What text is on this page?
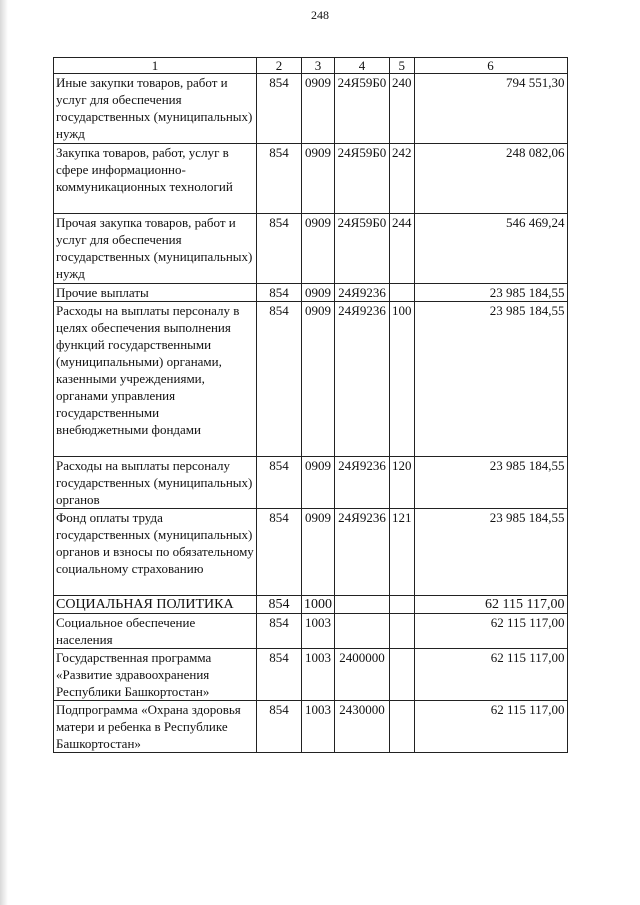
248
1	2	3	4	5	6
Иные закупки товаров, работ и услуг для обеспечения государственных (муниципальных) нужд	854	0909	24Я59Б0	240	794 551,30
Закупка товаров, работ, услуг в сфере информационно-коммуникационных технологий	854	0909	24Я59Б0	242	248 082,06
Прочая закупка товаров, работ и услуг для обеспечения государственных (муниципальных) нужд	854	0909	24Я59Б0	244	546 469,24
Прочие выплаты	854	0909	24Я9236		23 985 184,55
Расходы на выплаты персоналу в целях обеспечения выполнения функций государственными (муниципальными) органами, казенными учреждениями, органами управления государственными внебюджетными фондами	854	0909	24Я9236	100	23 985 184,55
Расходы на выплаты персоналу государственных (муниципальных) органов	854	0909	24Я9236	120	23 985 184,55
Фонд оплаты труда государственных (муниципальных) органов и взносы по обязательному социальному страхованию	854	0909	24Я9236	121	23 985 184,55
СОЦИАЛЬНАЯ ПОЛИТИКА	854	1000			62 115 117,00
Социальное обеспечение населения	854	1003			62 115 117,00
Государственная программа «Развитие здравоохранения Республики Башкортостан»	854	1003	2400000		62 115 117,00
Подпрограмма «Охрана здоровья матери и ребенка в Республике Башкортостан»	854	1003	2430000		62 115 117,00
